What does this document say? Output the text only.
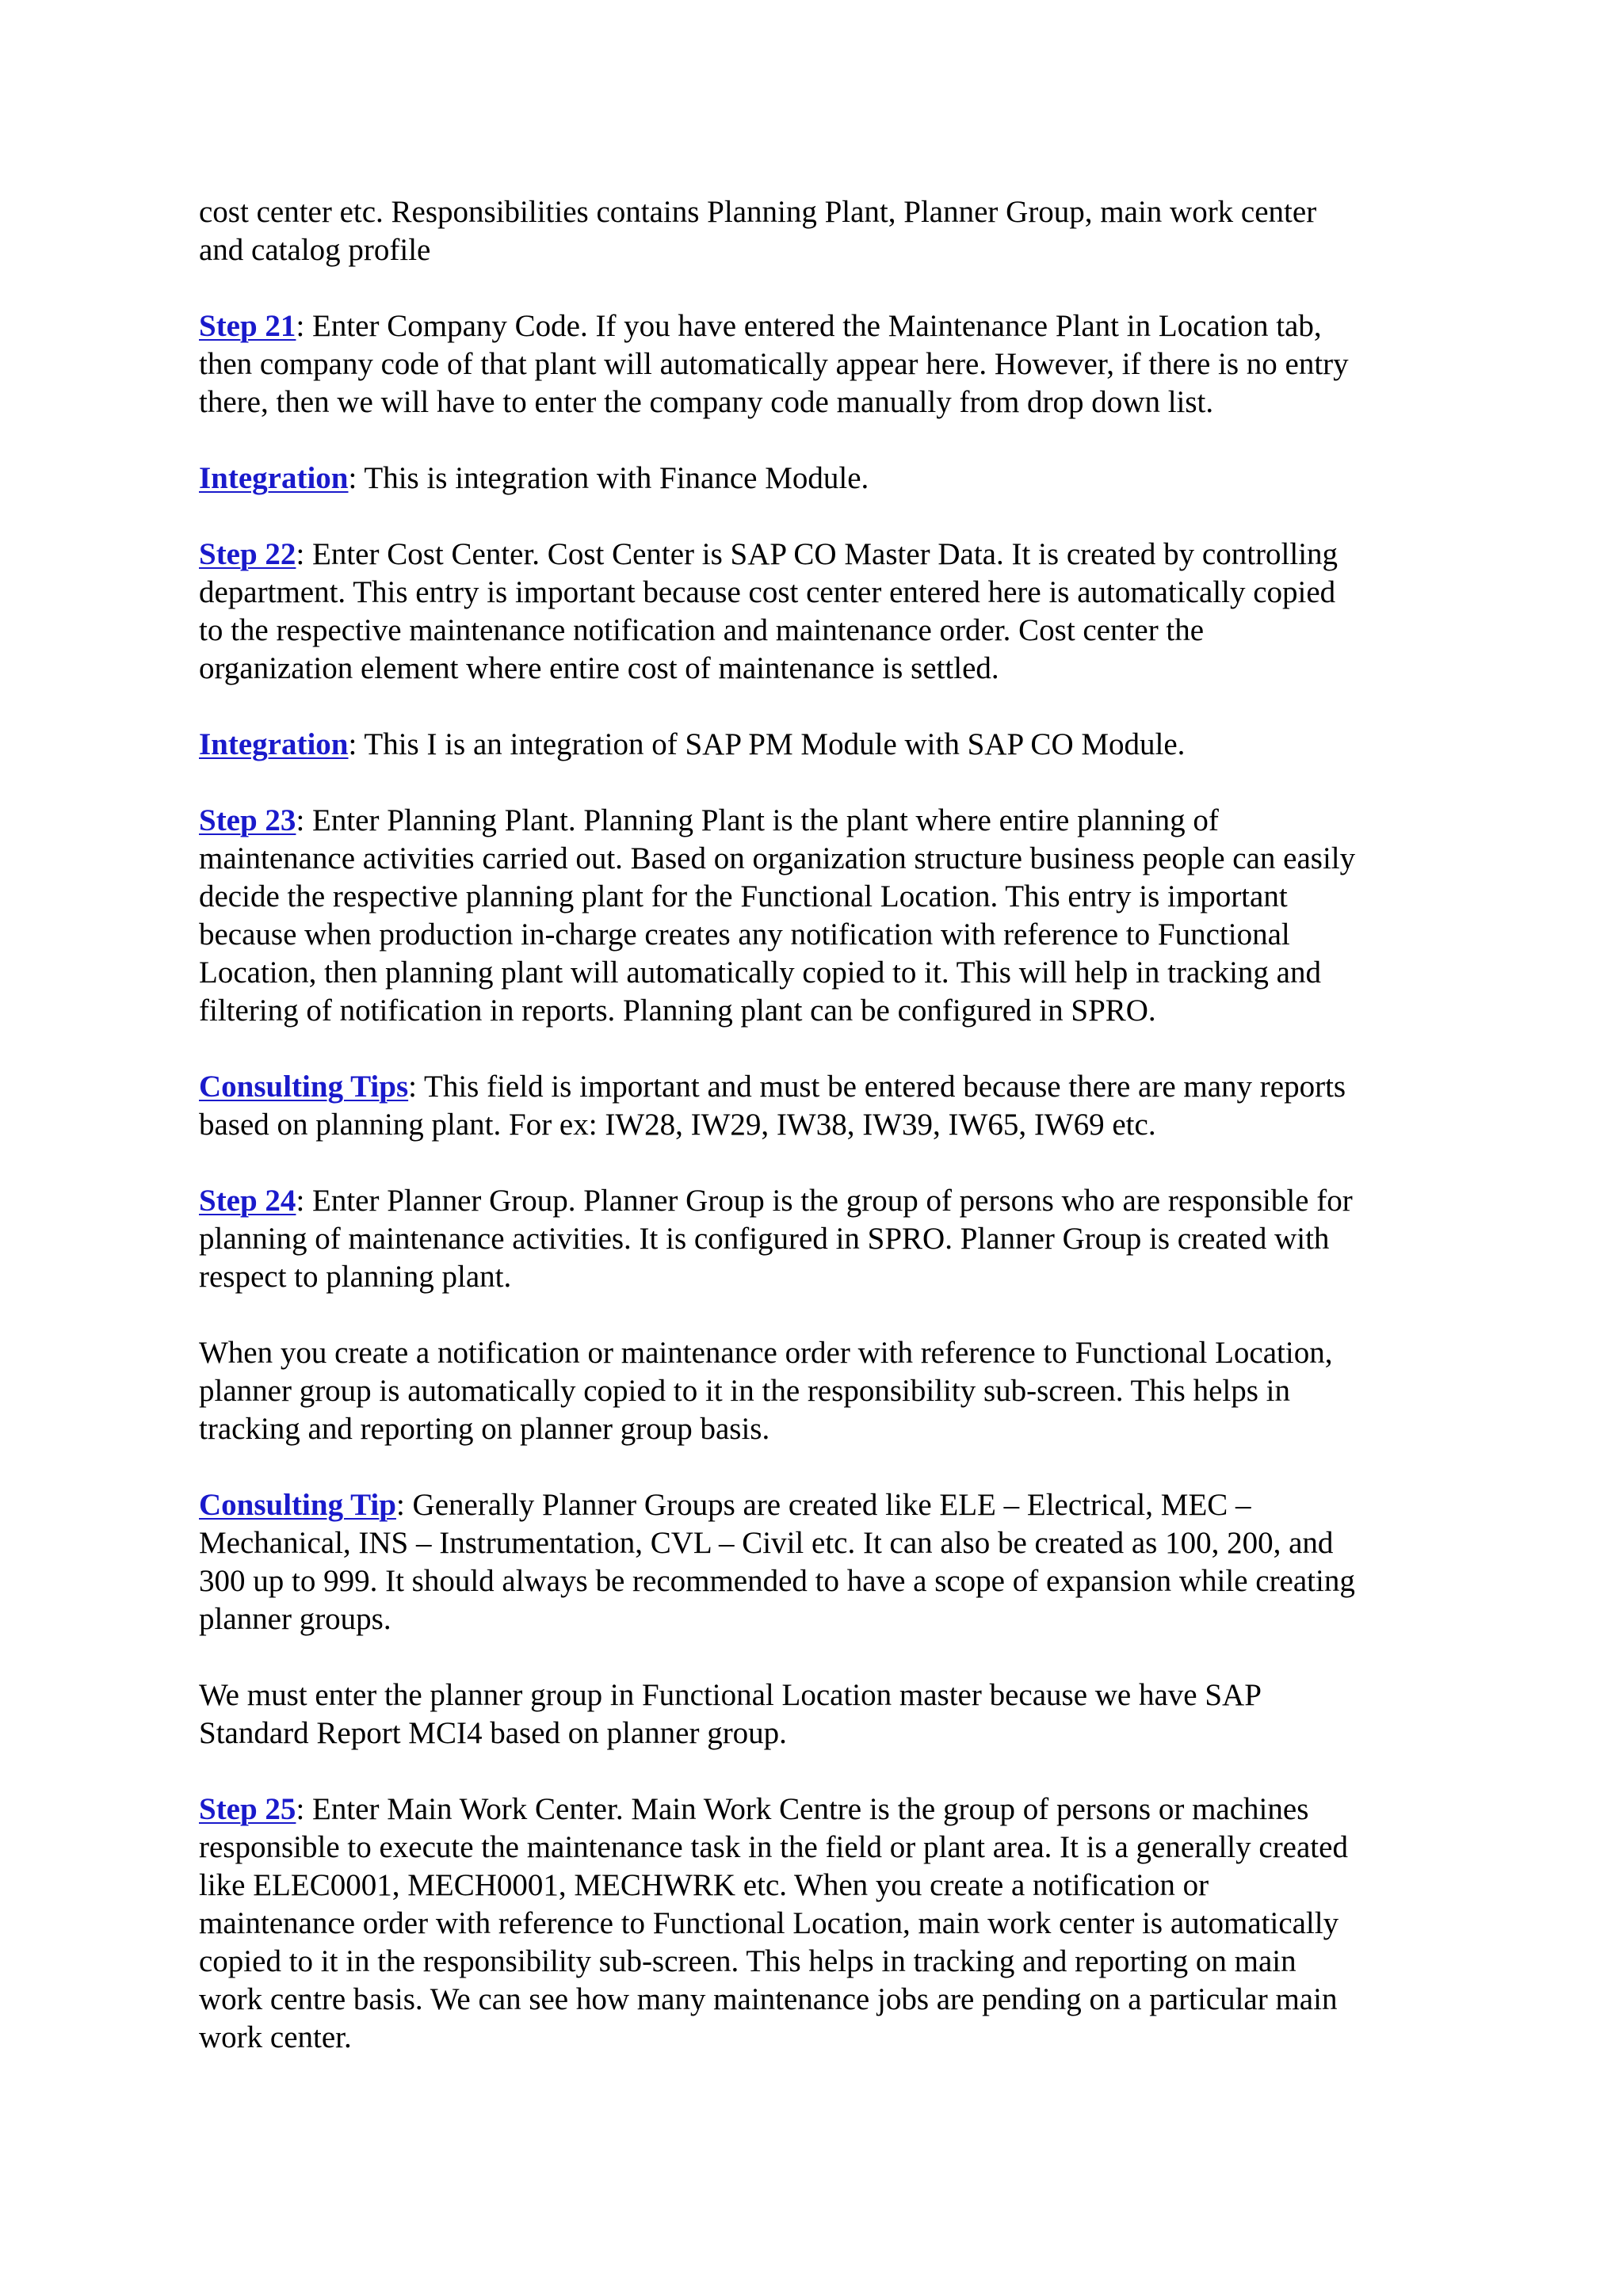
cost center etc. Responsibilities contains Planning Plant, Planner Group, main work center
and catalog profile

Step 21: Enter Company Code. If you have entered the Maintenance Plant in Location tab,
then company code of that plant will automatically appear here. However, if there is no entry
there, then we will have to enter the company code manually from drop down list.

Integration: This is integration with Finance Module.

Step 22: Enter Cost Center. Cost Center is SAP CO Master Data. It is created by controlling
department. This entry is important because cost center entered here is automatically copied
to the respective maintenance notification and maintenance order. Cost center the
organization element where entire cost of maintenance is settled.

Integration: This I is an integration of SAP PM Module with SAP CO Module.

Step 23: Enter Planning Plant. Planning Plant is the plant where entire planning of
maintenance activities carried out. Based on organization structure business people can easily
decide the respective planning plant for the Functional Location. This entry is important
because when production in-charge creates any notification with reference to Functional
Location, then planning plant will automatically copied to it. This will help in tracking and
filtering of notification in reports. Planning plant can be configured in SPRO.

Consulting Tips: This field is important and must be entered because there are many reports
based on planning plant. For ex: IW28, IW29, IW38, IW39, IW65, IW69 etc.

Step 24: Enter Planner Group. Planner Group is the group of persons who are responsible for
planning of maintenance activities. It is configured in SPRO. Planner Group is created with
respect to planning plant.

When you create a notification or maintenance order with reference to Functional Location,
planner group is automatically copied to it in the responsibility sub-screen. This helps in
tracking and reporting on planner group basis.

Consulting Tip: Generally Planner Groups are created like ELE – Electrical, MEC –
Mechanical, INS – Instrumentation, CVL – Civil etc. It can also be created as 100, 200, and
300 up to 999. It should always be recommended to have a scope of expansion while creating
planner groups.

We must enter the planner group in Functional Location master because we have SAP
Standard Report MCI4 based on planner group.

Step 25: Enter Main Work Center. Main Work Centre is the group of persons or machines
responsible to execute the maintenance task in the field or plant area. It is a generally created
like ELEC0001, MECH0001, MECHWRK etc. When you create a notification or
maintenance order with reference to Functional Location, main work center is automatically
copied to it in the responsibility sub-screen. This helps in tracking and reporting on main
work centre basis. We can see how many maintenance jobs are pending on a particular main
work center.
